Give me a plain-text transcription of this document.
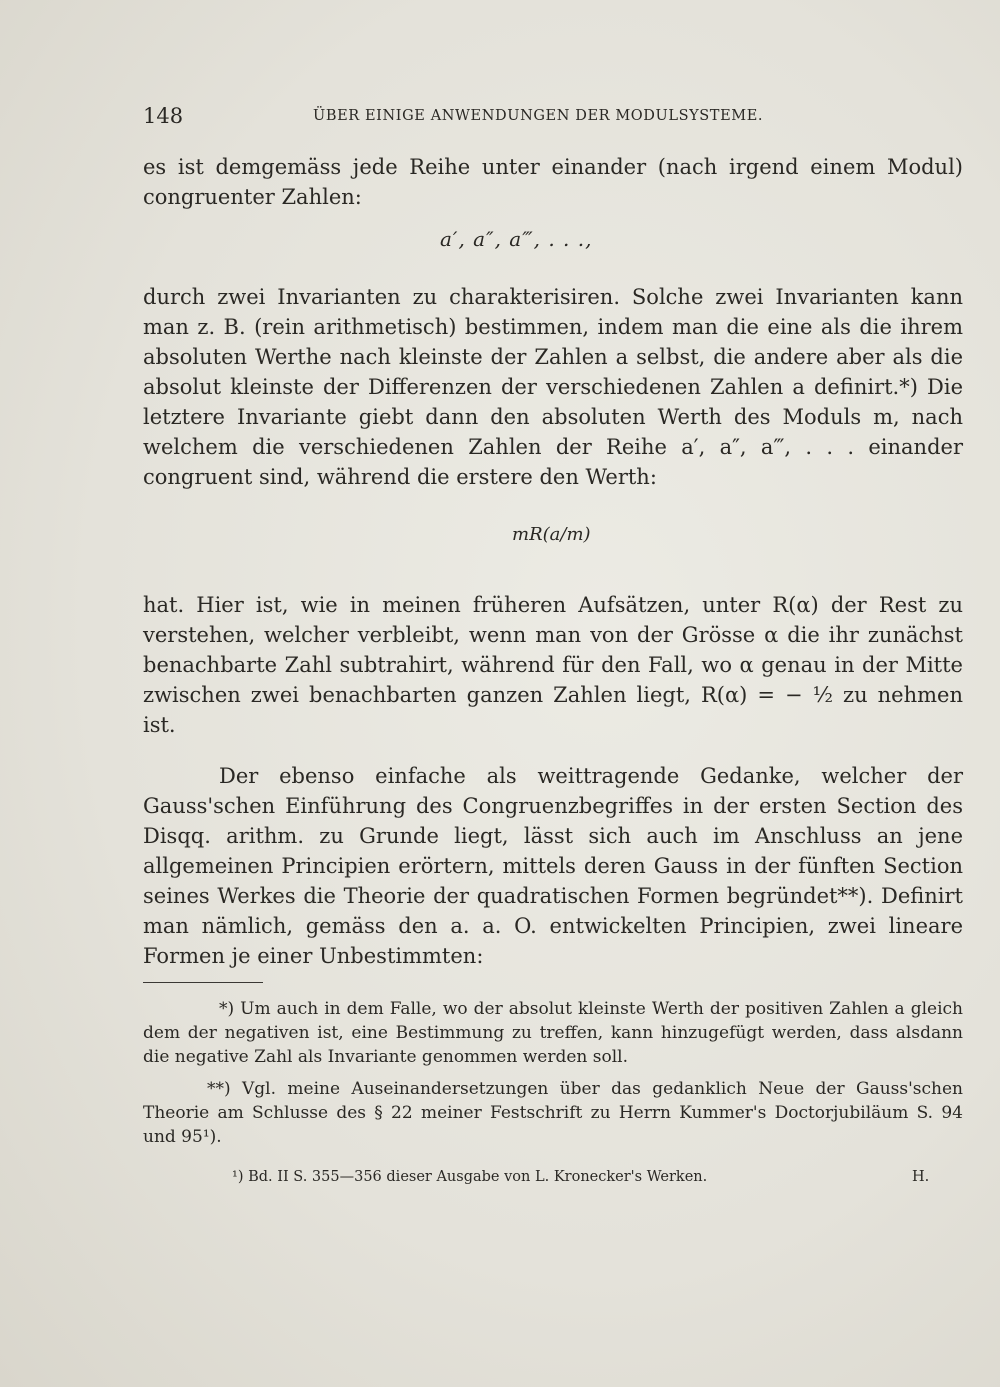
148	ÜBER EINIGE ANWENDUNGEN DER MODULSYSTEME.
es ist demgemäss jede Reihe unter einander (nach irgend einem Modul) congruenter Zahlen:
a′, a″, a‴, . . .,
durch zwei Invarianten zu charakterisiren. Solche zwei Invarianten kann man z. B. (rein arithmetisch) bestimmen, indem man die eine als die ihrem absoluten Werthe nach kleinste der Zahlen a selbst, die andere aber als die absolut kleinste der Differenzen der verschiedenen Zahlen a definirt.*) Die letztere Invariante giebt dann den absoluten Werth des Moduls m, nach welchem die verschiedenen Zahlen der Reihe a′, a″, a‴, . . . einander congruent sind, während die erstere den Werth:
mR(a/m)
hat. Hier ist, wie in meinen früheren Aufsätzen, unter R(α) der Rest zu verstehen, welcher verbleibt, wenn man von der Grösse α die ihr zunächst benachbarte Zahl subtrahirt, während für den Fall, wo α genau in der Mitte zwischen zwei benachbarten ganzen Zahlen liegt, R(α) = − ½ zu nehmen ist.
Der ebenso einfache als weittragende Gedanke, welcher der Gauss'schen Einführung des Congruenzbegriffes in der ersten Section des Disqq. arithm. zu Grunde liegt, lässt sich auch im Anschluss an jene allgemeinen Principien erörtern, mittels deren Gauss in der fünften Section seines Werkes die Theorie der quadratischen Formen begründet**). Definirt man nämlich, gemäss den a. a. O. entwickelten Principien, zwei lineare Formen je einer Unbestimmten:
*) Um auch in dem Falle, wo der absolut kleinste Werth der positiven Zahlen a gleich dem der negativen ist, eine Bestimmung zu treffen, kann hinzugefügt werden, dass alsdann die negative Zahl als Invariante genommen werden soll.
**) Vgl. meine Auseinandersetzungen über das gedanklich Neue der Gauss'schen Theorie am Schlusse des § 22 meiner Festschrift zu Herrn Kummer's Doctorjubiläum S. 94 und 95¹).
¹) Bd. II S. 355—356 dieser Ausgabe von L. Kronecker's Werken.	H.
